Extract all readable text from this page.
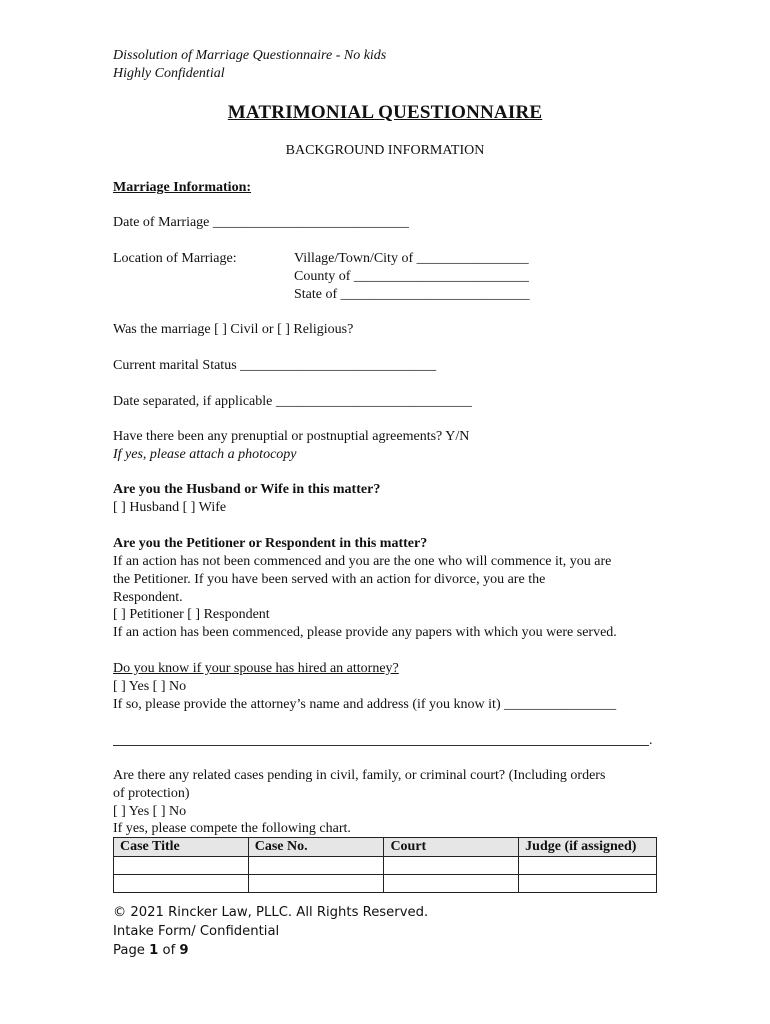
Dissolution of Marriage Questionnaire - No kids
Highly Confidential
MATRIMONIAL QUESTIONNAIRE
BACKGROUND INFORMATION
Marriage Information:
Date of Marriage ____________________________
Location of Marriage:	Village/Town/City of ________________
County of _________________________
State of ___________________________
Was the marriage [ ] Civil or [ ] Religious?
Current marital Status ____________________________
Date separated, if applicable ____________________________
Have there been any prenuptial or postnuptial agreements? Y/N
If yes, please attach a photocopy
Are you the Husband or Wife in this matter?
[ ] Husband [ ] Wife
Are you the Petitioner or Respondent in this matter?
If an action has not been commenced and you are the one who will commence it, you are
the Petitioner. If you have been served with an action for divorce, you are the
Respondent.
[ ] Petitioner [ ] Respondent
If an action has been commenced, please provide any papers with which you were served.
Do you know if your spouse has hired an attorney?
[ ] Yes [ ] No
If so, please provide the attorney’s name and address (if you know it) ________________
.
Are there any related cases pending in civil, family, or criminal court? (Including orders
of protection)
[ ] Yes [ ] No
If yes, please compete the following chart.
Case Title	Case No.	Court	Judge (if assigned)

© 2021 Rincker Law, PLLC. All Rights Reserved.
Intake Form/ Confidential
Page 1 of 9
